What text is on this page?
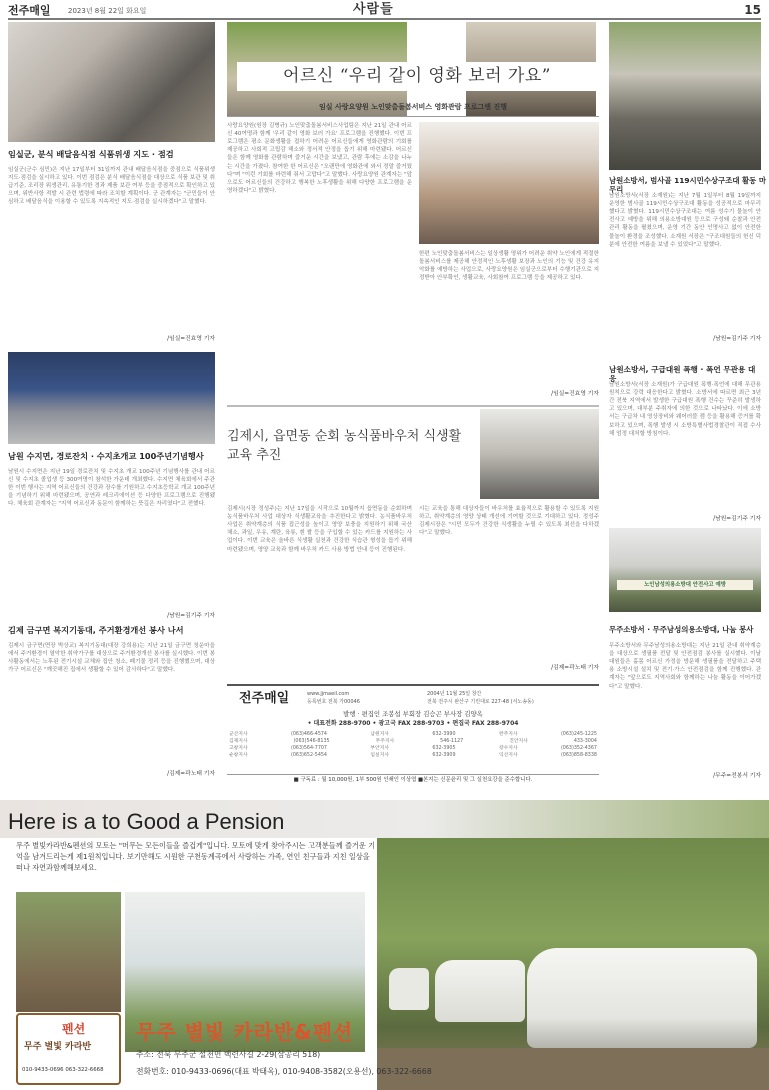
전주매일 2023년 8월 22일 화요일	사람들	15
임실군, 분식 배달음식점 식품위생 지도 · 점검
임실군(군수 심민)은 지난 17일부터 31일까지 관내 배달음식점을 중점으로 식품위생 지도·점검을 실시하고 있다. 이번 점검은 분식 배달음식점을 대상으로 식품 보관 및 취급기준, 조리장 위생관리, 유통기한 경과 제품 보관 여부 등을 중점적으로 확인하고 있으며, 위반사항 적발 시 관련 법령에 따라 조치할 계획이다. 군 관계자는 "군민들이 안심하고 배달음식을 이용할 수 있도록 지속적인 지도·점검을 실시하겠다"고 말했다.
/임실=진효영 기자
남원 수지면, 경로잔치 · 수지초개교 100주년기념행사
남원시 수지면은 지난 19일 경로잔치 및 수지초 개교 100주년 기념행사를 관내 어르신 및 수지초 졸업생 등 300여명이 참석한 가운데 개최했다. 수지면 체육회에서 주관한 이번 행사는 지역 어르신들의 건강과 장수를 기원하고 수지초등학교 개교 100주년을 기념하기 위해 마련됐으며, 공연과 레크리에이션 등 다양한 프로그램으로 진행됐다. 체육회 관계자는 "지역 어르신과 동문이 함께하는 뜻깊은 자리였다"고 전했다.
/남원=김기주 기자
김제 금구면 복지기동대, 주거환경개선 봉사 나서
김제시 금구면(면장 박상교) 복지기동대(대장 강희용)는 지난 21일 금구면 청운마을에서 주거환경이 열악한 취약가구를 대상으로 주거환경개선 봉사를 실시했다. 이번 봉사활동에서는 노후된 전기시설 교체와 집안 청소, 폐기물 정리 등을 진행했으며, 대상 가구 어르신은 "깨끗해진 집에서 생활할 수 있어 감사하다"고 말했다.
/김제=곽노태 기자
어르신 “우리 같이 영화 보러 가요”
임실 사랑요양원 노인맞춤돌봄서비스 영화관람 프로그램 진행
사랑요양원(원장 김병규) 노인맞춤돌봄서비스사업팀은 지난 21일 관내 어르신 40여명과 함께 '우리 같이 영화 보러 가요' 프로그램을 진행했다. 이번 프로그램은 평소 문화생활을 접하기 어려운 어르신들에게 영화관람의 기회를 제공하고 사회적 고립감 해소와 정서적 안정을 돕기 위해 마련됐다. 어르신들은 함께 영화를 관람하며 즐거운 시간을 보냈고, 관람 후에는 소감을 나누는 시간을 가졌다. 참여한 한 어르신은 "오랜만에 영화관에 와서 정말 즐거웠다"며 "이런 기회를 마련해 줘서 고맙다"고 말했다. 사랑요양원 관계자는 "앞으로도 어르신들의 건강하고 행복한 노후생활을 위해 다양한 프로그램을 운영하겠다"고 밝혔다.
한편 노인맞춤돌봄서비스는 일상생활 영위가 어려운 취약 노인에게 적절한 돌봄서비스를 제공해 안정적인 노후생활 보장과 노인의 기능 및 건강 유지 악화를 예방하는 사업으로, 사랑요양원은 임실군으로부터 수행기관으로 지정받아 안부확인, 생활교육, 사회참여 프로그램 등을 제공하고 있다.
/임실=진효영 기자
김제시, 읍면동 순회 농식품바우처 식생활교육 추진
김제시(시장 정성주)는 지난 17일을 시작으로 10월까지 읍면동을 순회하며 농식품바우처 사업 대상자 식생활교육을 추진한다고 밝혔다. 농식품바우처 사업은 취약계층의 식품 접근성을 높이고 영양 보충을 지원하기 위해 국산 채소, 과일, 우유, 계란, 육류, 흰 쌀 등을 구입할 수 있는 카드를 지원하는 사업이다. 이번 교육은 올바른 식생활 실천과 건강한 식습관 형성을 돕기 위해 마련됐으며, 영양 교육과 함께 바우처 카드 사용 방법 안내 등이 진행된다.
시는 교육을 통해 대상자들이 바우처를 효율적으로 활용할 수 있도록 지원하고, 취약계층의 영양 상태 개선에 기여할 것으로 기대하고 있다. 정성주 김제시장은 "시민 모두가 건강한 식생활을 누릴 수 있도록 최선을 다하겠다"고 말했다.
/김제=곽노태 기자
전주매일	www.jjmaeil.com
등록번호 전북 가00046
2004년 11월 25일 창간
전북 전주시 완산구 기린대로 227-48 (서노송동)
발행 · 편집인 조봉섭 부회장 김승곤 부사장 김양옥
• 대표전화 288-9700 • 광고국 FAX 288-9703 • 편집국 FAX 288-9704
군산지사	(063)466-4574	남원지사	632-3990	완주지사	(063)245-1225
김제지사	(063)546-8135	무주지사	546-1127	진안지사	433-3004
고창지사	(063)564-7707	부안지사	632-3905	장수지사	(063)352-4367
순창지사	(063)652-5454	임실지사	632-3909	익산지사	(063)858-8338
■ 구독료 : 월 10,000원, 1부 500원 인쇄인 이상엽 ■본지는 신문윤리 및 그 실천요강을 준수합니다.
남원소방서, 범사골 119시민수상구조대 활동 마무리
남원소방서(서장 소재원)는 지난 7월 1일부터 8월 19일까지 운영한 범사골 119시민수상구조대 활동을 성공적으로 마무리했다고 밝혔다. 119시민수상구조대는 여름 성수기 물놀이 안전사고 예방을 위해 의용소방대원 등으로 구성돼 순찰과 안전관리 활동을 펼쳤으며, 운영 기간 동안 인명사고 없이 안전한 물놀이 환경을 조성했다. 소재원 서장은 "구조대원들의 헌신 덕분에 안전한 여름을 보낼 수 있었다"고 말했다.
/남원=김기주 기자
남원소방서, 구급대원 폭행 · 폭언 무관용 대응
남원소방서(서장 소재원)가 구급대원 폭행·폭언에 대해 무관용 원칙으로 강력 대응한다고 밝혔다. 소방서에 따르면 최근 3년간 전북 지역에서 발생한 구급대원 폭행 건수는 꾸준히 발생하고 있으며, 대부분 주취자에 의한 것으로 나타났다. 이에 소방서는 구급차 내 영상장비와 웨어러블 캠 등을 활용해 증거를 확보하고 있으며, 폭행 발생 시 소방특별사법경찰관이 직접 수사해 엄정 대처할 방침이다.
/남원=김기주 기자
노인남성의용소방대 안전사고 예방
무주소방서 · 무주남성의용소방대, 나눔 봉사
무주소방서와 무주남성의용소방대는 지난 21일 관내 취약계층을 대상으로 생필품 전달 및 안전점검 봉사를 실시했다. 이날 대원들은 홀몸 어르신 가정을 방문해 생필품을 전달하고 주택용 소방시설 설치 및 전기·가스 안전점검을 함께 진행했다. 관계자는 "앞으로도 지역사회와 함께하는 나눔 활동을 이어가겠다"고 말했다.
/무주=전봉서 기자
Here is a to Good a Pension
무주 별빛카라반&펜션의 모토는 "머무는 모든이들을 즐겁게"입니다. 모토에 맞게 찾아주시는 고객분들께 즐거운 기억을 남겨드리는게 제1원칙입니다. 보기만해도 시원한 구천동계곡에서 사랑하는 가족, 연인 친구들과 지친 일상을 떠나 자연과함께해보세요.
펜션
무주 별빛 카라반
010-9433-0696 063-322-6668
무주 별빛 카라반&펜션
주소: 전북 무주군 설천면 백련사길 2-29(삼공리 518)
전화번호: 010-9433-0696(대표 박태옥), 010-9408-3582(오용선), 063-322-6668
